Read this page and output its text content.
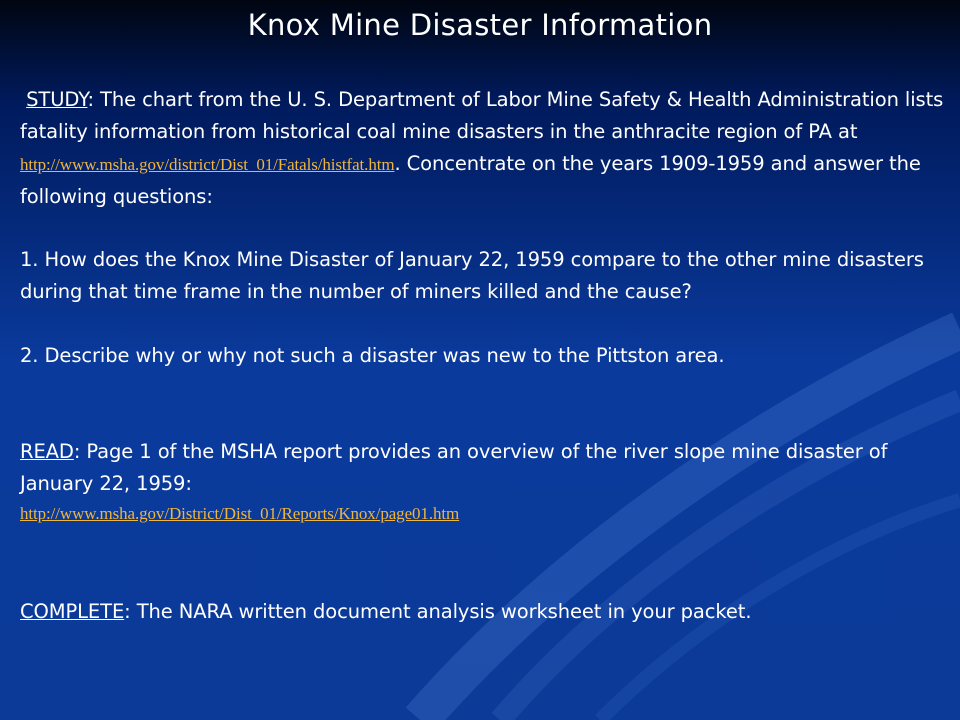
Knox Mine Disaster Information
STUDY: The chart from the U. S. Department of Labor Mine Safety & Health Administration lists fatality information from historical coal mine disasters in the anthracite region of PA at http://www.msha.gov/district/Dist_01/Fatals/histfat.htm. Concentrate on the years 1909-1959 and answer the following questions:
1. How does the Knox Mine Disaster of January 22, 1959 compare to the other mine disasters during that time frame in the number of miners killed and the cause?
2. Describe why or why not such a disaster was new to the Pittston area.
READ: Page 1 of the MSHA report provides an overview of the river slope mine disaster of January 22, 1959:
http://www.msha.gov/District/Dist_01/Reports/Knox/page01.htm
COMPLETE: The NARA written document analysis worksheet in your packet.
